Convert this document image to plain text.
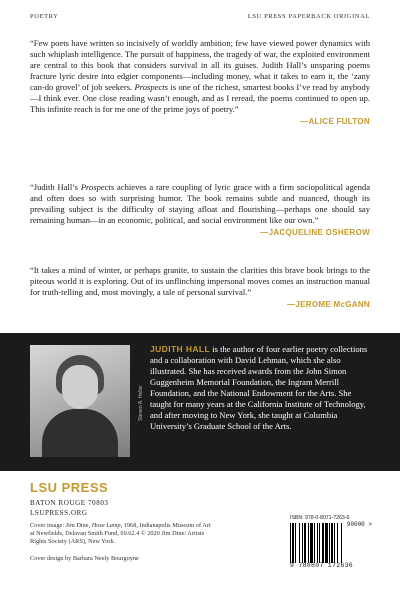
POETRY	LSU PRESS PAPERBACK ORIGINAL

“Few poets have written so incisively of worldly ambition; few have viewed power dynamics with such whiplash intelligence. The pursuit of happiness, the tragedy of war, the exploited environment are central to this book that considers survival in all its guises. Judith Hall’s unsparing poems fracture lyric desire into edgier components—including money, what it takes to earn it, the ‘zany can-do grovel’ of job seekers. Prospects is one of the richest, smartest books I’ve read by anybody—I think ever. One close reading wasn’t enough, and as I reread, the poems continued to open up. This infinite reach is for me one of the prime joys of poetry.”

—ALICE FULTON

“Judith Hall’s Prospects achieves a rare coupling of lyric grace with a firm sociopolitical agenda and often does so with surprising humor. The book remains subtle and nuanced, though its prevailing subject is the difficulty of staying afloat and flourishing—perhaps one should say remaining human—in an economic, political, and social environment like our own.”

—JACQUELINE OSHEROW

“It takes a mind of winter, or perhaps granite, to sustain the clarities this brave book brings to the piteous world it is exploring. Out of its unflinching impersonal moves comes an instruction manual for truth-telling and, most movingly, a tale of personal survival.”

—JEROME McGANN
Steven A. Heller
JUDITH HALL is the author of four earlier poetry collections and a collaboration with David Lehman, which she also illustrated. She has received awards from the John Simon Guggenheim Memorial Foundation, the Ingram Merrill Foundation, and the National Endowment for the Arts. She taught for many years at the California Institute of Technology, and after moving to New York, she taught at Columbia University’s Graduate School of the Arts.
LSU PRESS
BATON ROUGE 70803
LSUPRESS.ORG
Cover image: Jim Dine, Hose Lamp, 1968, Indianapolis Museum of Art at Newfields, Delavan Smith Fund, 69.62.4 © 2020 Jim Dine/ Artists Rights Society (ARS), New York.
Cover design by Barbara Neely Bourgoyne
ISBN: 978-0-8071-7263-6
90000 >
9 780807 172636
